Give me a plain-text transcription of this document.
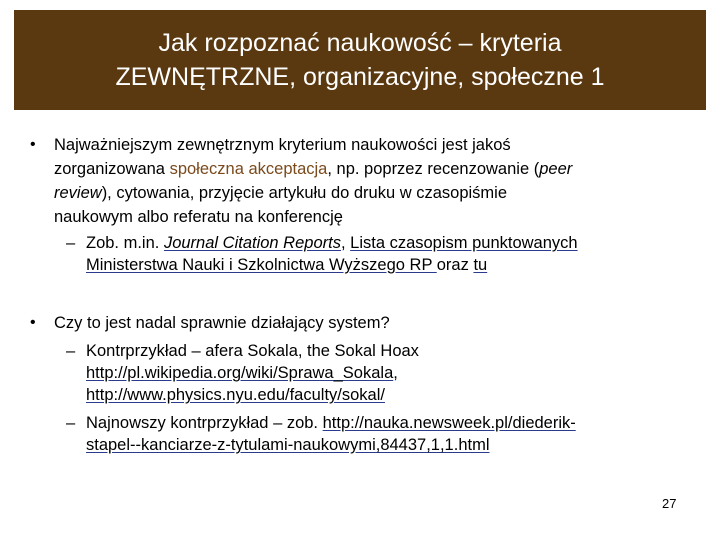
Jak rozpoznać naukowość – kryteria
ZEWNĘTRZNE, organizacyjne, społeczne 1
• Najważniejszym zewnętrznym kryterium naukowości jest jakoś
zorganizowana społeczna akceptacja, np. poprzez recenzowanie (peer
review), cytowania, przyjęcie artykułu do druku w czasopiśmie
naukowym albo referatu na konferencję
– Zob. m.in. Journal Citation Reports, Lista czasopism punktowanych
Ministerstwa Nauki i Szkolnictwa Wyższego RP oraz tu
• Czy to jest nadal sprawnie działający system?
– Kontrprzykład – afera Sokala, the Sokal Hoax
http://pl.wikipedia.org/wiki/Sprawa_Sokala,
http://www.physics.nyu.edu/faculty/sokal/
– Najnowszy kontrprzykład – zob. http://nauka.newsweek.pl/diederik-
stapel--kanciarze-z-tytulami-naukowymi,84437,1,1.html
27
